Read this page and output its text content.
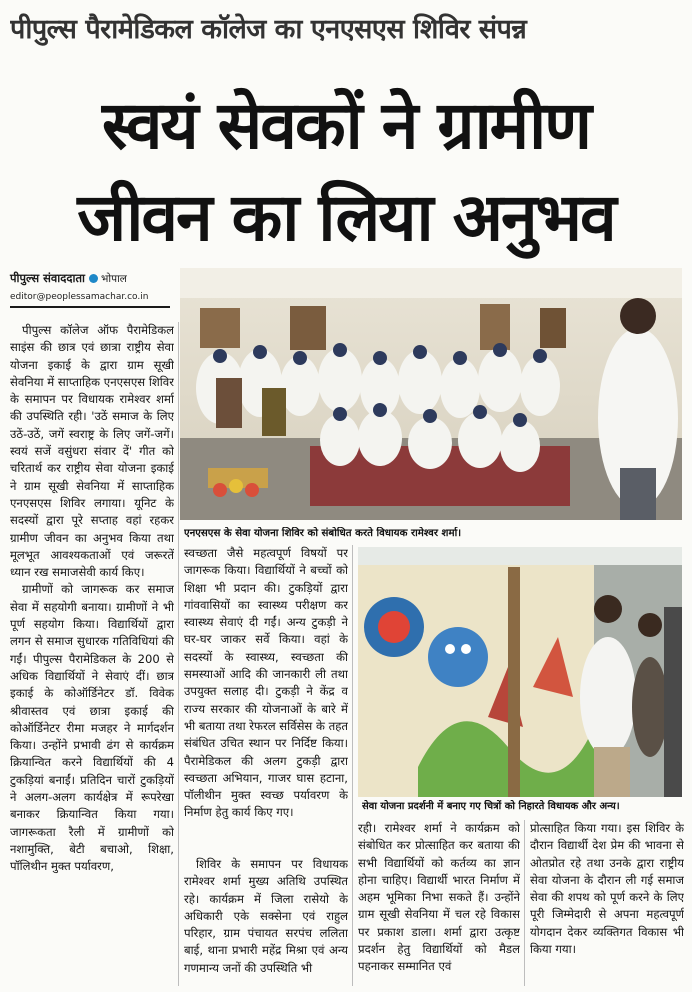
पीपुल्स पैरामेडिकल कॉलेज का एनएसएस शिविर संपन्न
स्वयं सेवकों ने ग्रामीण
जीवन का लिया अनुभव
पीपुल्स संवाददाता भोपाल
editor@peoplessamachar.co.in
एनएसएस के सेवा योजना शिविर को संबोधित करते विधायक रामेश्वर शर्मा।
सेवा योजना प्रदर्शनी में बनाए गए चित्रों को निहारते विधायक और अन्य।

पीपुल्स कॉलेज ऑफ पैरामेडिकल साइंस की छात्र एवं छात्रा राष्ट्रीय सेवा योजना इकाई के द्वारा ग्राम सूखी सेवनिया में साप्ताहिक एनएसएस शिविर के समापन पर विधायक रामेश्वर शर्मा की उपस्थिति रही। 'उठें समाज के लिए उठें-उठें, जगें स्वराष्ट्र के लिए जगें-जगें। स्वयं सजें वसुंधरा संवार दें' गीत को चरितार्थ कर राष्ट्रीय सेवा योजना इकाई ने ग्राम सूखी सेवनिया में साप्ताहिक एनएसएस शिविर लगाया। यूनिट के सदस्यों द्वारा पूरे सप्ताह वहां रहकर ग्रामीण जीवन का अनुभव किया तथा मूलभूत आवश्यकताओं एवं जरूरतें ध्यान रख समाजसेवी कार्य किए।

ग्रामीणों को जागरूक कर समाज सेवा में सहयोगी बनाया। ग्रामीणों ने भी पूर्ण सहयोग किया। विद्यार्थियों द्वारा लगन से समाज सुधारक गतिविधियां की गईं। पीपुल्स पैरामेडिकल के 200 से अधिक विद्यार्थियों ने सेवाएं दीं। छात्र इकाई के कोऑर्डिनेटर डॉ. विवेक श्रीवास्तव एवं छात्रा इकाई की कोऑर्डिनेटर रीमा मजहर ने मार्गदर्शन किया। उन्होंने प्रभावी ढंग से कार्यक्रम क्रियान्वित करने विद्यार्थियों की 4 टुकड़ियां बनाईं। प्रतिदिन चारों टुकड़ियों ने अलग-अलग कार्यक्षेत्र में रूपरेखा बनाकर क्रियान्वित किया गया। जागरूकता रैली में ग्रामीणों को नशामुक्ति, बेटी बचाओ, शिक्षा, पॉलिथीन मुक्त पर्यावरण,

स्वच्छता जैसे महत्वपूर्ण विषयों पर जागरूक किया। विद्यार्थियों ने बच्चों को शिक्षा भी प्रदान की। टुकड़ियों द्वारा गांववासियों का स्वास्थ्य परीक्षण कर स्वास्थ्य सेवाएं दी गईं। अन्य टुकड़ी ने घर-घर जाकर सर्वे किया। वहां के सदस्यों के स्वास्थ्य, स्वच्छता की समस्याओं आदि की जानकारी ली तथा उपयुक्त सलाह दी। टुकड़ी ने केंद्र व राज्य सरकार की योजनाओं के बारे में भी बताया तथा रेफरल सर्विसेस के तहत संबंधित उचित स्थान पर निर्दिष्ट किया। पैरामेडिकल की अलग टुकड़ी द्वारा स्वच्छता अभियान, गाजर घास हटाना, पॉलीथीन मुक्त स्वच्छ पर्यावरण के निर्माण हेतु कार्य किए गए।

शिविर के समापन पर विधायक रामेश्वर शर्मा मुख्य अतिथि उपस्थित रहे। कार्यक्रम में जिला रासेयो के अधिकारी एके सक्सेना एवं राहुल परिहार, ग्राम पंचायत सरपंच ललिता बाई, थाना प्रभारी महेंद्र मिश्रा एवं अन्य गणमान्य जनों की उपस्थिति भी

रही। रामेश्वर शर्मा ने कार्यक्रम को संबोधित कर प्रोत्साहित कर बताया की सभी विद्यार्थियों को कर्तव्य का ज्ञान होना चाहिए। विद्यार्थी भारत निर्माण में अहम भूमिका निभा सकते हैं। उन्होंने ग्राम सूखी सेवनिया में चल रहे विकास पर प्रकाश डाला। शर्मा द्वारा उत्कृष्ट प्रदर्शन हेतु विद्यार्थियों को मैडल पहनाकर सम्मानित एवं

प्रोत्साहित किया गया। इस शिविर के दौरान विद्यार्थी देश प्रेम की भावना से ओतप्रोत रहे तथा उनके द्वारा राष्ट्रीय सेवा योजना के दौरान ली गई समाज सेवा की शपथ को पूर्ण करने के लिए पूरी जिम्मेदारी से अपना महत्वपूर्ण योगदान देकर व्यक्तिगत विकास भी किया गया।
